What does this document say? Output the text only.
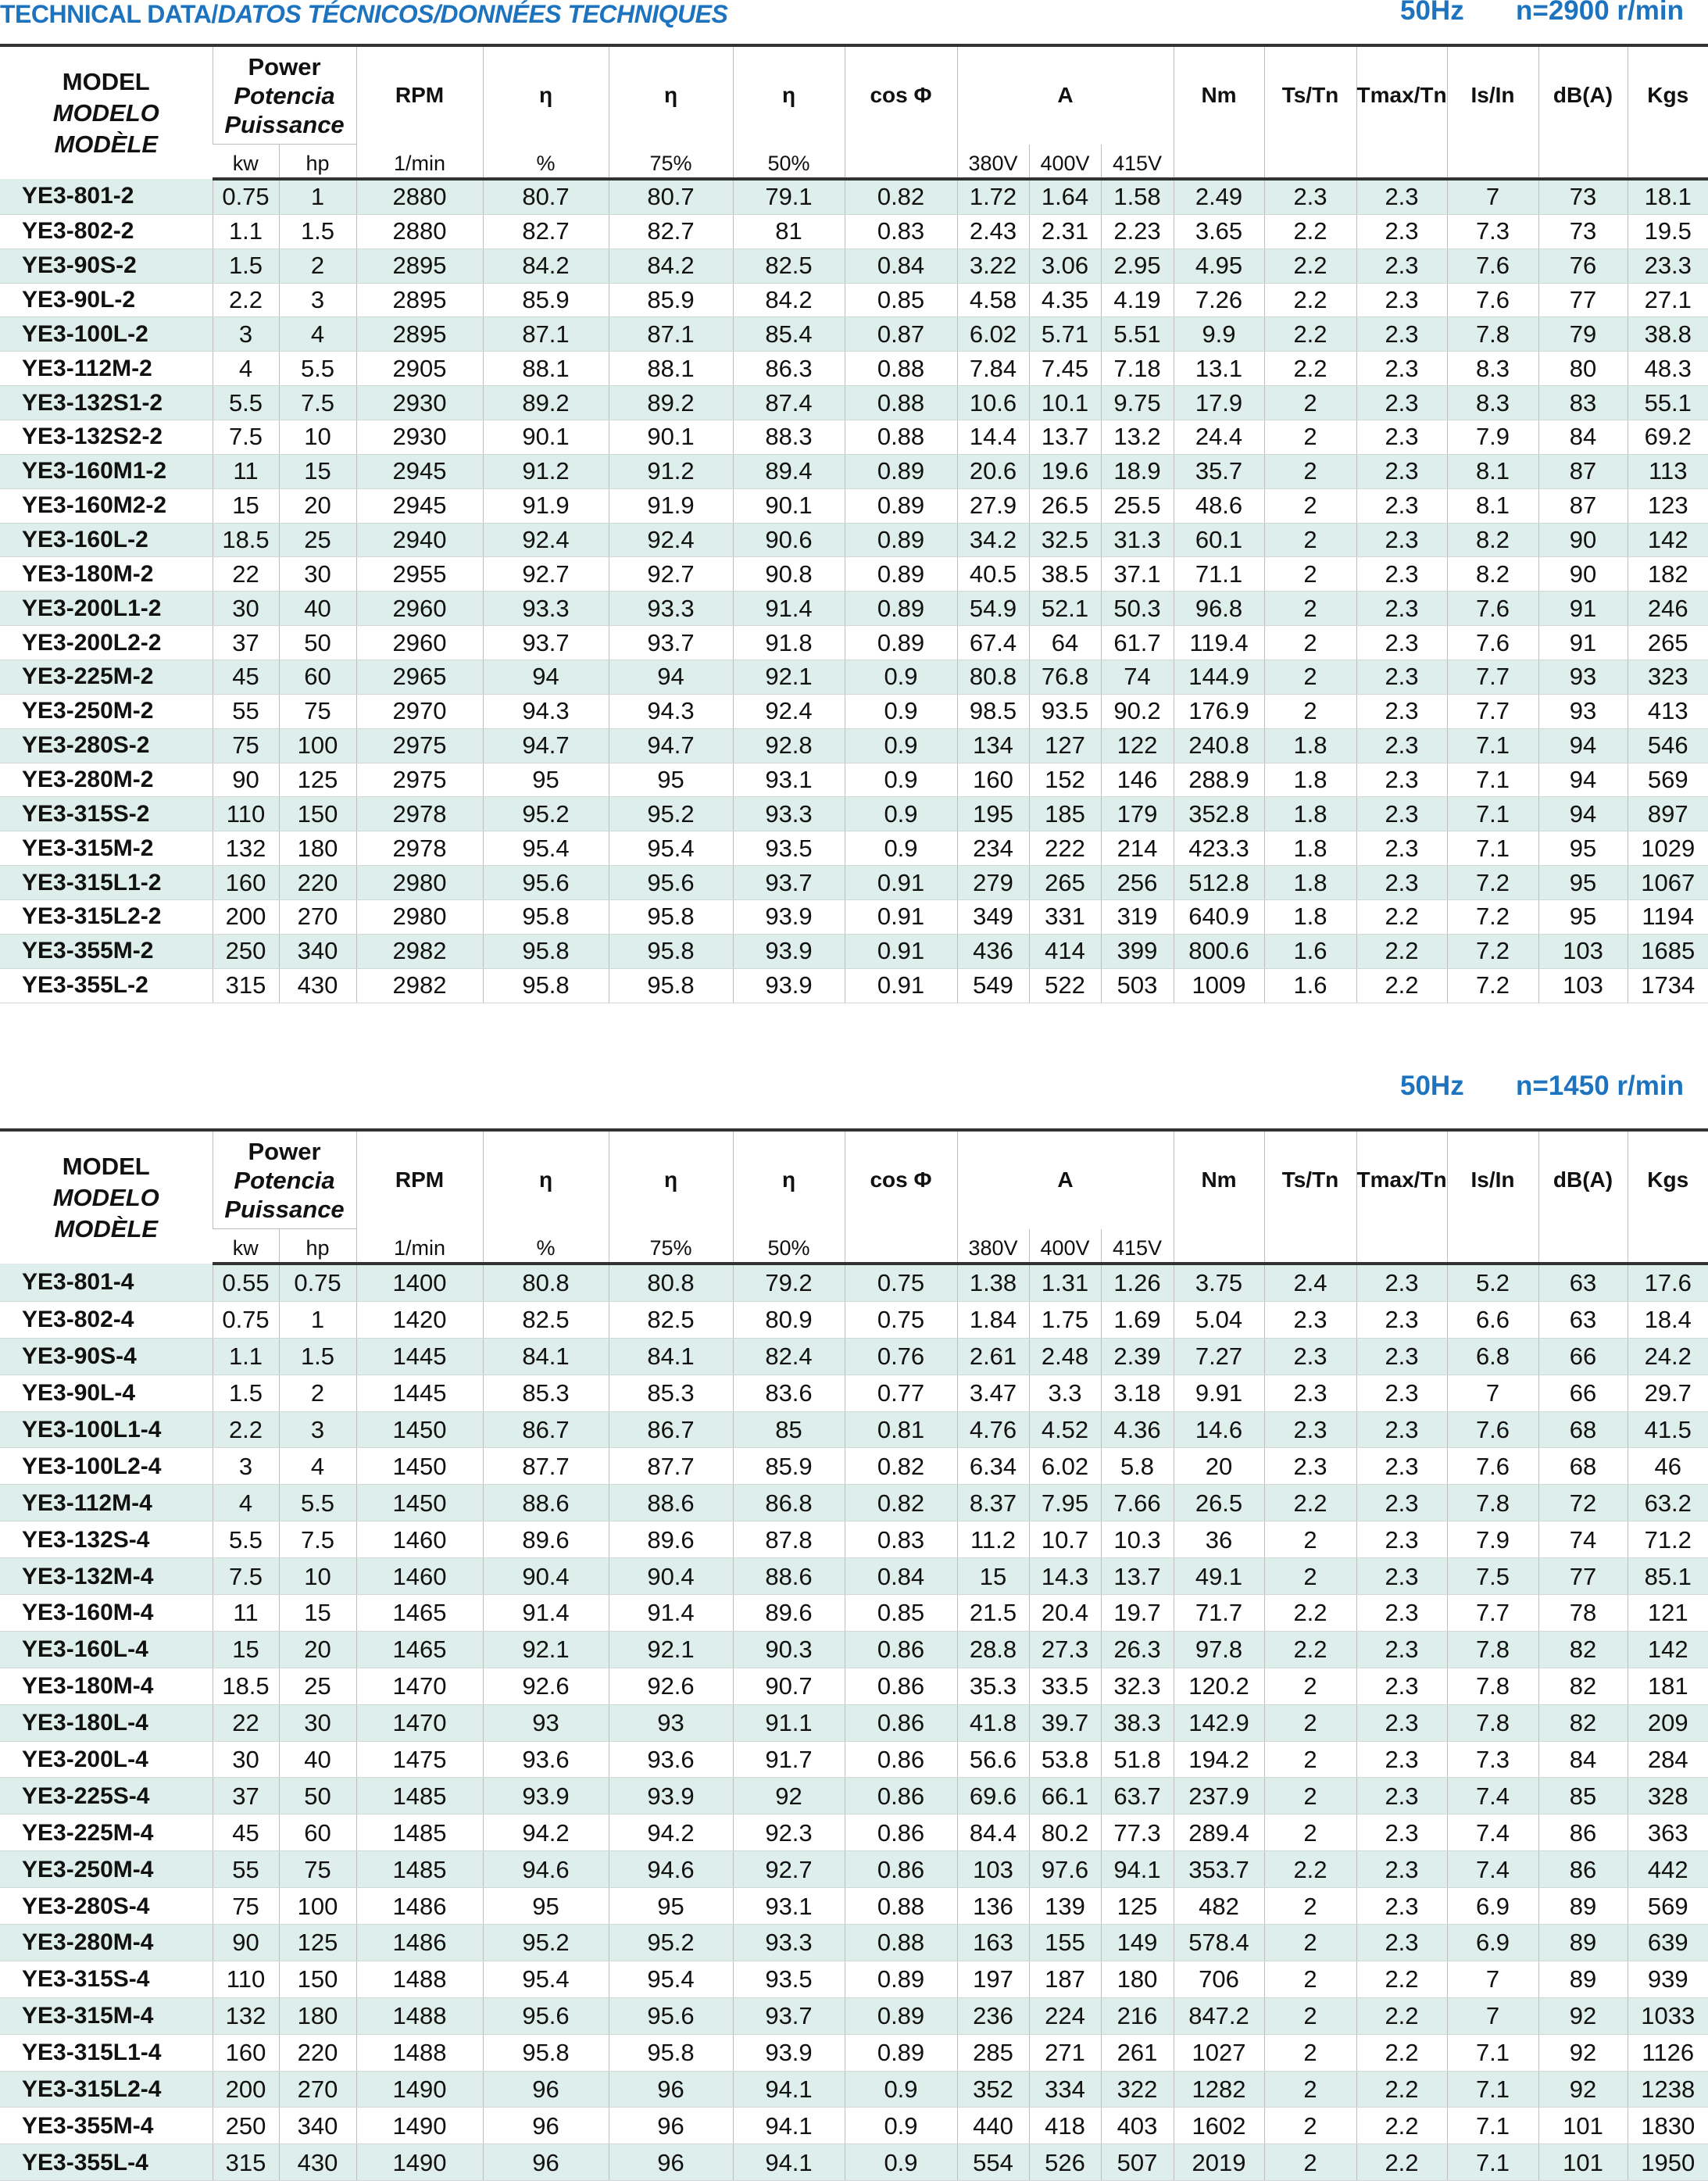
TECHNICAL DATA/DATOS TÉCNICOS/DONNÉES TECHNIQUES	50Hz n=2900 r/min
50Hz n=1450 r/min
MODEL
MODELO
MODÈLE	Power
Potencia
Puissance		RPM	η	η	η	cos Φ	A			Nm	Ts/Tn	Tmax/Tn	Is/In	dB(A)	Kgs
	kw	hp	1/min	%	75%	50%		380V	400V	415V						
YE3-801-2	0.75	1	2880	80.7	80.7	79.1	0.82	1.72	1.64	1.58	2.49	2.3	2.3	7	73	18.1
YE3-802-2	1.1	1.5	2880	82.7	82.7	81	0.83	2.43	2.31	2.23	3.65	2.2	2.3	7.3	73	19.5
YE3-90S-2	1.5	2	2895	84.2	84.2	82.5	0.84	3.22	3.06	2.95	4.95	2.2	2.3	7.6	76	23.3
YE3-90L-2	2.2	3	2895	85.9	85.9	84.2	0.85	4.58	4.35	4.19	7.26	2.2	2.3	7.6	77	27.1
YE3-100L-2	3	4	2895	87.1	87.1	85.4	0.87	6.02	5.71	5.51	9.9	2.2	2.3	7.8	79	38.8
YE3-112M-2	4	5.5	2905	88.1	88.1	86.3	0.88	7.84	7.45	7.18	13.1	2.2	2.3	8.3	80	48.3
YE3-132S1-2	5.5	7.5	2930	89.2	89.2	87.4	0.88	10.6	10.1	9.75	17.9	2	2.3	8.3	83	55.1
YE3-132S2-2	7.5	10	2930	90.1	90.1	88.3	0.88	14.4	13.7	13.2	24.4	2	2.3	7.9	84	69.2
YE3-160M1-2	11	15	2945	91.2	91.2	89.4	0.89	20.6	19.6	18.9	35.7	2	2.3	8.1	87	113
YE3-160M2-2	15	20	2945	91.9	91.9	90.1	0.89	27.9	26.5	25.5	48.6	2	2.3	8.1	87	123
YE3-160L-2	18.5	25	2940	92.4	92.4	90.6	0.89	34.2	32.5	31.3	60.1	2	2.3	8.2	90	142
YE3-180M-2	22	30	2955	92.7	92.7	90.8	0.89	40.5	38.5	37.1	71.1	2	2.3	8.2	90	182
YE3-200L1-2	30	40	2960	93.3	93.3	91.4	0.89	54.9	52.1	50.3	96.8	2	2.3	7.6	91	246
YE3-200L2-2	37	50	2960	93.7	93.7	91.8	0.89	67.4	64	61.7	119.4	2	2.3	7.6	91	265
YE3-225M-2	45	60	2965	94	94	92.1	0.9	80.8	76.8	74	144.9	2	2.3	7.7	93	323
YE3-250M-2	55	75	2970	94.3	94.3	92.4	0.9	98.5	93.5	90.2	176.9	2	2.3	7.7	93	413
YE3-280S-2	75	100	2975	94.7	94.7	92.8	0.9	134	127	122	240.8	1.8	2.3	7.1	94	546
YE3-280M-2	90	125	2975	95	95	93.1	0.9	160	152	146	288.9	1.8	2.3	7.1	94	569
YE3-315S-2	110	150	2978	95.2	95.2	93.3	0.9	195	185	179	352.8	1.8	2.3	7.1	94	897
YE3-315M-2	132	180	2978	95.4	95.4	93.5	0.9	234	222	214	423.3	1.8	2.3	7.1	95	1029
YE3-315L1-2	160	220	2980	95.6	95.6	93.7	0.91	279	265	256	512.8	1.8	2.3	7.2	95	1067
YE3-315L2-2	200	270	2980	95.8	95.8	93.9	0.91	349	331	319	640.9	1.8	2.2	7.2	95	1194
YE3-355M-2	250	340	2982	95.8	95.8	93.9	0.91	436	414	399	800.6	1.6	2.2	7.2	103	1685
YE3-355L-2	315	430	2982	95.8	95.8	93.9	0.91	549	522	503	1009	1.6	2.2	7.2	103	1734
MODEL
MODELO
MODÈLE	Power
Potencia
Puissance		RPM	η	η	η	cos Φ	A			Nm	Ts/Tn	Tmax/Tn	Is/In	dB(A)	Kgs
	kw	hp	1/min	%	75%	50%		380V	400V	415V						
YE3-801-4	0.55	0.75	1400	80.8	80.8	79.2	0.75	1.38	1.31	1.26	3.75	2.4	2.3	5.2	63	17.6
YE3-802-4	0.75	1	1420	82.5	82.5	80.9	0.75	1.84	1.75	1.69	5.04	2.3	2.3	6.6	63	18.4
YE3-90S-4	1.1	1.5	1445	84.1	84.1	82.4	0.76	2.61	2.48	2.39	7.27	2.3	2.3	6.8	66	24.2
YE3-90L-4	1.5	2	1445	85.3	85.3	83.6	0.77	3.47	3.3	3.18	9.91	2.3	2.3	7	66	29.7
YE3-100L1-4	2.2	3	1450	86.7	86.7	85	0.81	4.76	4.52	4.36	14.6	2.3	2.3	7.6	68	41.5
YE3-100L2-4	3	4	1450	87.7	87.7	85.9	0.82	6.34	6.02	5.8	20	2.3	2.3	7.6	68	46
YE3-112M-4	4	5.5	1450	88.6	88.6	86.8	0.82	8.37	7.95	7.66	26.5	2.2	2.3	7.8	72	63.2
YE3-132S-4	5.5	7.5	1460	89.6	89.6	87.8	0.83	11.2	10.7	10.3	36	2	2.3	7.9	74	71.2
YE3-132M-4	7.5	10	1460	90.4	90.4	88.6	0.84	15	14.3	13.7	49.1	2	2.3	7.5	77	85.1
YE3-160M-4	11	15	1465	91.4	91.4	89.6	0.85	21.5	20.4	19.7	71.7	2.2	2.3	7.7	78	121
YE3-160L-4	15	20	1465	92.1	92.1	90.3	0.86	28.8	27.3	26.3	97.8	2.2	2.3	7.8	82	142
YE3-180M-4	18.5	25	1470	92.6	92.6	90.7	0.86	35.3	33.5	32.3	120.2	2	2.3	7.8	82	181
YE3-180L-4	22	30	1470	93	93	91.1	0.86	41.8	39.7	38.3	142.9	2	2.3	7.8	82	209
YE3-200L-4	30	40	1475	93.6	93.6	91.7	0.86	56.6	53.8	51.8	194.2	2	2.3	7.3	84	284
YE3-225S-4	37	50	1485	93.9	93.9	92	0.86	69.6	66.1	63.7	237.9	2	2.3	7.4	85	328
YE3-225M-4	45	60	1485	94.2	94.2	92.3	0.86	84.4	80.2	77.3	289.4	2	2.3	7.4	86	363
YE3-250M-4	55	75	1485	94.6	94.6	92.7	0.86	103	97.6	94.1	353.7	2.2	2.3	7.4	86	442
YE3-280S-4	75	100	1486	95	95	93.1	0.88	136	139	125	482	2	2.3	6.9	89	569
YE3-280M-4	90	125	1486	95.2	95.2	93.3	0.88	163	155	149	578.4	2	2.3	6.9	89	639
YE3-315S-4	110	150	1488	95.4	95.4	93.5	0.89	197	187	180	706	2	2.2	7	89	939
YE3-315M-4	132	180	1488	95.6	95.6	93.7	0.89	236	224	216	847.2	2	2.2	7	92	1033
YE3-315L1-4	160	220	1488	95.8	95.8	93.9	0.89	285	271	261	1027	2	2.2	7.1	92	1126
YE3-315L2-4	200	270	1490	96	96	94.1	0.9	352	334	322	1282	2	2.2	7.1	92	1238
YE3-355M-4	250	340	1490	96	96	94.1	0.9	440	418	403	1602	2	2.2	7.1	101	1830
YE3-355L-4	315	430	1490	96	96	94.1	0.9	554	526	507	2019	2	2.2	7.1	101	1950
